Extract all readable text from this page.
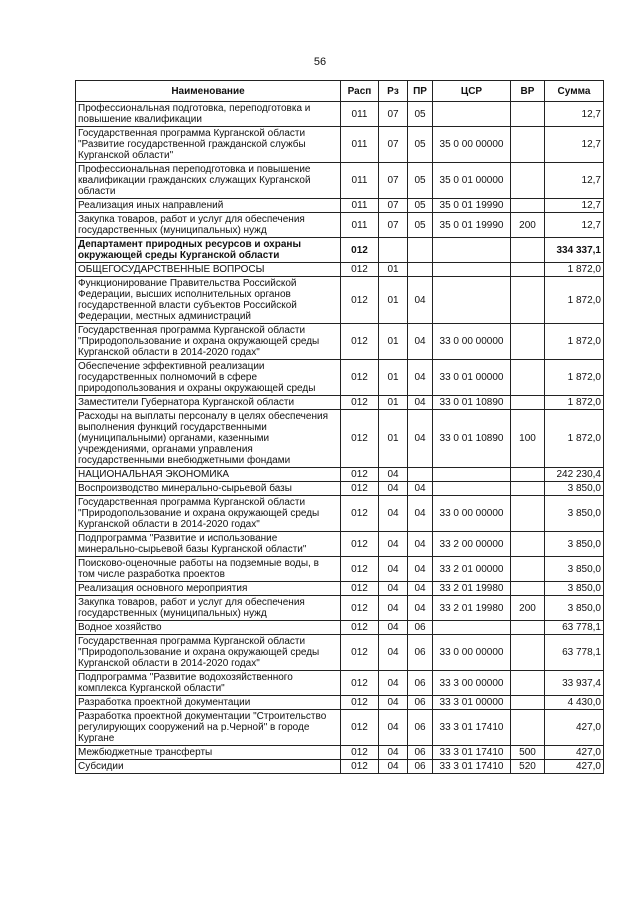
56
Наименование	Расп	Рз	ПР	ЦСР	ВР	Сумма
Профессиональная подготовка, переподготовка и повышение квалификации	011	07	05			12,7
Государственная программа Курганской области "Развитие государственной гражданской службы Курганской области"	011	07	05	35 0 00 00000		12,7
Профессиональная переподготовка и повышение квалификации гражданских служащих Курганской области	011	07	05	35 0 01 00000		12,7
Реализация иных направлений	011	07	05	35 0 01 19990		12,7
Закупка товаров, работ и услуг для обеспечения государственных (муниципальных) нужд	011	07	05	35 0 01 19990	200	12,7
Департамент природных ресурсов и охраны окружающей среды Курганской области	012					334 337,1
ОБЩЕГОСУДАРСТВЕННЫЕ ВОПРОСЫ	012	01				1 872,0
Функционирование Правительства Российской Федерации, высших исполнительных органов государственной власти субъектов Российской Федерации, местных администраций	012	01	04			1 872,0
Государственная программа Курганской области "Природопользование и охрана окружающей среды Курганской области в 2014-2020 годах"	012	01	04	33 0 00 00000		1 872,0
Обеспечение эффективной реализации государственных полномочий в сфере природопользования и охраны окружающей среды	012	01	04	33 0 01 00000		1 872,0
Заместители Губернатора Курганской области	012	01	04	33 0 01 10890		1 872,0
Расходы на выплаты персоналу в целях обеспечения выполнения функций государственными (муниципальными) органами, казенными учреждениями, органами управления государственными внебюджетными фондами	012	01	04	33 0 01 10890	100	1 872,0
НАЦИОНАЛЬНАЯ ЭКОНОМИКА	012	04				242 230,4
Воспроизводство минерально-сырьевой базы	012	04	04			3 850,0
Государственная программа Курганской области "Природопользование и охрана окружающей среды Курганской области в 2014-2020 годах"	012	04	04	33 0 00 00000		3 850,0
Подпрограмма "Развитие и использование минерально-сырьевой базы Курганской области"	012	04	04	33 2 00 00000		3 850,0
Поисково-оценочные работы на подземные воды, в том числе разработка проектов	012	04	04	33 2 01 00000		3 850,0
Реализация основного мероприятия	012	04	04	33 2 01 19980		3 850,0
Закупка товаров, работ и услуг для обеспечения государственных (муниципальных) нужд	012	04	04	33 2 01 19980	200	3 850,0
Водное хозяйство	012	04	06			63 778,1
Государственная программа Курганской области "Природопользование и охрана окружающей среды Курганской области в 2014-2020 годах"	012	04	06	33 0 00 00000		63 778,1
Подпрограмма "Развитие водохозяйственного комплекса Курганской области"	012	04	06	33 3 00 00000		33 937,4
Разработка проектной документации	012	04	06	33 3 01 00000		4 430,0
Разработка проектной документации "Строительство регулирующих сооружений на р.Черной" в городе Кургане	012	04	06	33 3 01 17410		427,0
Межбюджетные трансферты	012	04	06	33 3 01 17410	500	427,0
Субсидии	012	04	06	33 3 01 17410	520	427,0
